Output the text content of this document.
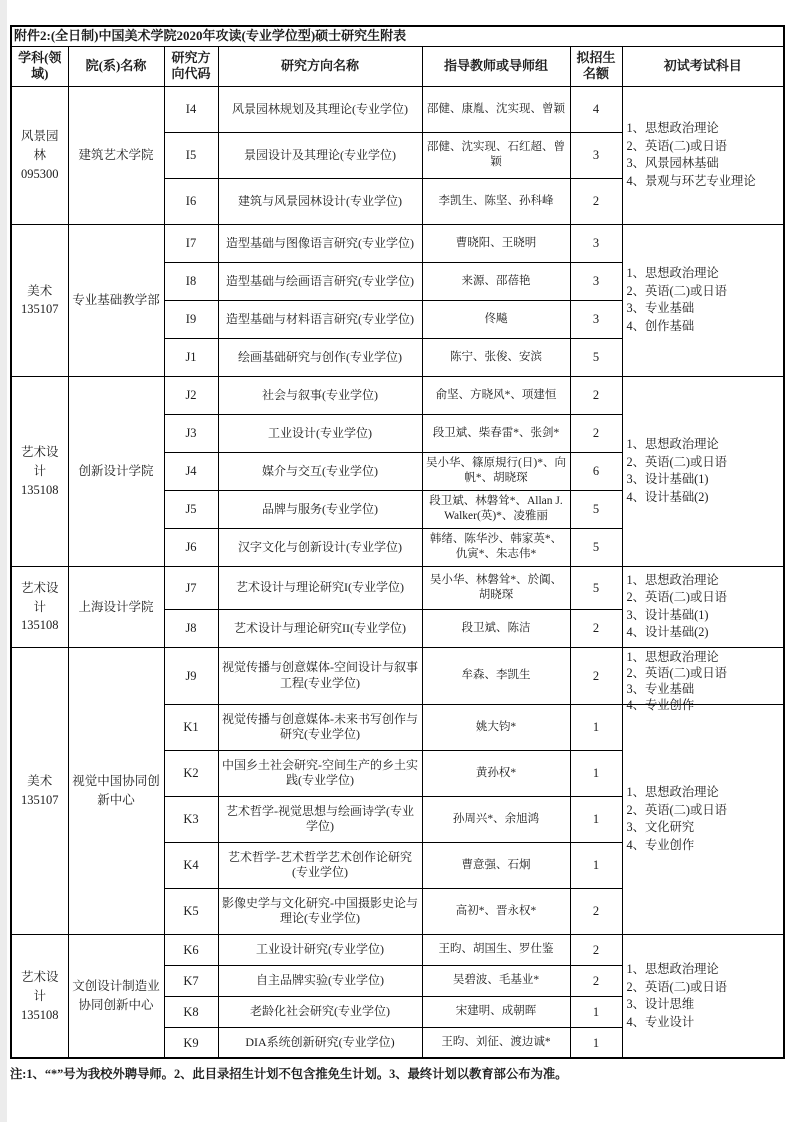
附件2:(全日制)中国美术学院2020年攻读(专业学位型)硕士研究生附表						
学科(领域)	院(系)名称	研究方向代码	研究方向名称	指导教师或导师组	拟招生名额	初试考试科目
风景园林
095300	建筑艺术学院	I4	风景园林规划及其理论(专业学位)	邵健、康胤、沈实现、曾颖	4	1、思想政治理论
2、英语(二)或日语
3、风景园林基础
4、景观与环艺专业理论

		I5	景园设计及其理论(专业学位)	邵健、沈实现、石红超、曾颖	3	
		I6	建筑与风景园林设计(专业学位)	李凯生、陈坚、孙科峰	2	
美术
135107	专业基础教学部	I7	造型基础与图像语言研究(专业学位)	曹晓阳、王晓明	3	1、思想政治理论
2、英语(二)或日语
3、专业基础
4、创作基础

		I8	造型基础与绘画语言研究(专业学位)	来源、邵蓓艳	3	
		I9	造型基础与材料语言研究(专业学位)	佟飚	3	
		J1	绘画基础研究与创作(专业学位)	陈宁、张俊、安滨	5	
艺术设计
135108	创新设计学院	J2	社会与叙事(专业学位)	俞坚、方晓风*、项建恒	2	1、思想政治理论
2、英语(二)或日语
3、设计基础(1)
4、设计基础(2)

		J3	工业设计(专业学位)	段卫斌、柴春雷*、张剑*	2	
		J4	媒介与交互(专业学位)	吴小华、篠原規行(日)*、向帆*、胡晓琛	6	
		J5	品牌与服务(专业学位)	段卫斌、林磐耸*、Allan J. Walker(英)*、凌雅丽	5	
		J6	汉字文化与创新设计(专业学位)	韩绪、陈华沙、韩家英*、仇寅*、朱志伟*	5	
艺术设计
135108	上海设计学院	J7	艺术设计与理论研究I(专业学位)	吴小华、林磐耸*、於阗、胡晓琛	5	1、思想政治理论
2、英语(二)或日语
3、设计基础(1)
4、设计基础(2)

		J8	艺术设计与理论研究II(专业学位)	段卫斌、陈洁	2	
美术
135107	视觉中国协同创新中心	J9	视觉传播与创意媒体-空间设计与叙事工程(专业学位)	牟森、李凯生	2	1、思想政治理论
2、英语(二)或日语
3、专业基础
4、专业创作

		K1	视觉传播与创意媒体-未来书写创作与研究(专业学位)	姚大钧*	1	1、思想政治理论
2、英语(二)或日语
3、文化研究
4、专业创作

		K2	中国乡土社会研究-空间生产的乡土实践(专业学位)	黄孙权*	1	
		K3	艺术哲学-视觉思想与绘画诗学(专业学位)	孙周兴*、余旭鸿	1	
		K4	艺术哲学-艺术哲学艺术创作论研究(专业学位)	曹意强、石炯	1	
		K5	影像史学与文化研究-中国摄影史论与理论(专业学位)	高初*、晋永权*	2	
艺术设计
135108	文创设计制造业协同创新中心	K6	工业设计研究(专业学位)	王昀、胡国生、罗仕鉴	2	1、思想政治理论
2、英语(二)或日语
3、设计思维
4、专业设计

		K7	自主品牌实验(专业学位)	吴碧波、毛基业*	2	
		K8	老龄化社会研究(专业学位)	宋建明、成朝晖	1	
		K9	DIA系统创新研究(专业学位)	王昀、刘征、渡边诚*	1	
注:1、“*”号为我校外聘导师。2、此目录招生计划不包含推免生计划。3、最终计划以教育部公布为准。
